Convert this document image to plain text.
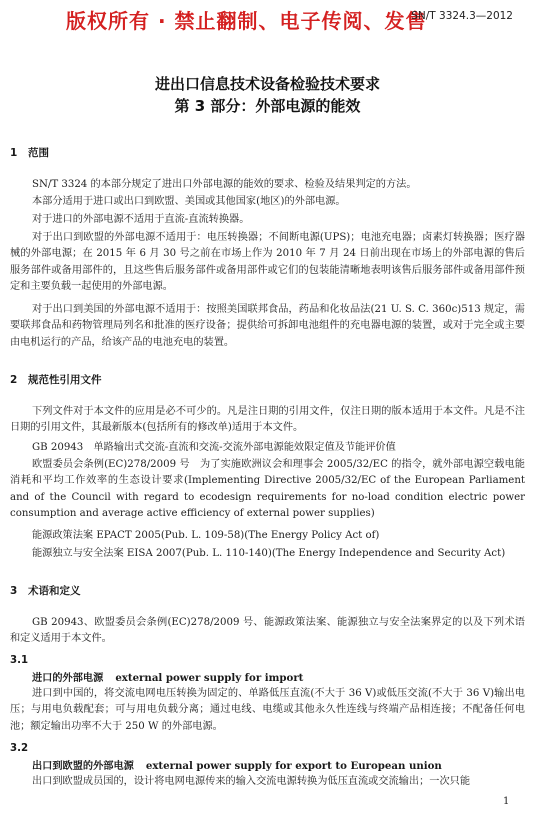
版权所有 · 禁止翻制、电子传阅、发售
SN/T 3324.3—2012
进出口信息技术设备检验技术要求
第 3 部分：外部电源的能效
1 范围
SN/T 3324 的本部分规定了进出口外部电源的能效的要求、检验及结果判定的方法。
本部分适用于进口或出口到欧盟、美国或其他国家(地区)的外部电源。
对于进口的外部电源不适用于直流-直流转换器。
对于出口到欧盟的外部电源不适用于：电压转换器；不间断电源(UPS)；电池充电器；卤素灯转换器；医疗器械的外部电源；在 2015 年 6 月 30 号之前在市场上作为 2010 年 7 月 24 日前出现在市场上的外部电源的售后服务部件或备用部件的，且这些售后服务部件或备用部件或它们的包装能清晰地表明该售后服务部件或备用部件预定和主要负载一起使用的外部电源。
对于出口到美国的外部电源不适用于：按照美国联邦食品，药品和化妆品法(21 U. S. C. 360c)513 规定，需要联邦食品和药物管理局列名和批准的医疗设备；提供给可拆卸电池组件的充电器电源的装置，或对于完全或主要由电机运行的产品，给该产品的电池充电的装置。
2 规范性引用文件
下列文件对于本文件的应用是必不可少的。凡是注日期的引用文件，仅注日期的版本适用于本文件。凡是不注日期的引用文件，其最新版本(包括所有的修改单)适用于本文件。
GB 20943　单路输出式交流-直流和交流-交流外部电源能效限定值及节能评价值
欧盟委员会条例(EC)278/2009 号　为了实施欧洲议会和理事会 2005/32/EC 的指令，就外部电源空载电能消耗和平均工作效率的生态设计要求(Implementing Directive 2005/32/EC of the European Parliament and of the Council with regard to ecodesign requirements for no-load condition electric power consumption and average active efficiency of external power supplies)
能源政策法案 EPACT 2005(Pub. L. 109-58)(The Energy Policy Act of)
能源独立与安全法案 EISA 2007(Pub. L. 110-140)(The Energy Independence and Security Act)
3 术语和定义
GB 20943、欧盟委员会条例(EC)278/2009 号、能源政策法案、能源独立与安全法案界定的以及下列术语和定义适用于本文件。
3.1
进口的外部电源 external power supply for import
进口到中国的，将交流电网电压转换为固定的、单路低压直流(不大于 36 V)或低压交流(不大于 36 V)输出电压；与用电负载配套；可与用电负载分离；通过电线、电缆或其他永久性连线与终端产品相连接；不配备任何电池；额定输出功率不大于 250 W 的外部电源。
3.2
出口到欧盟的外部电源 external power supply for export to European union
出口到欧盟成员国的，设计将电网电源传来的输入交流电源转换为低压直流或交流输出；一次只能
1
